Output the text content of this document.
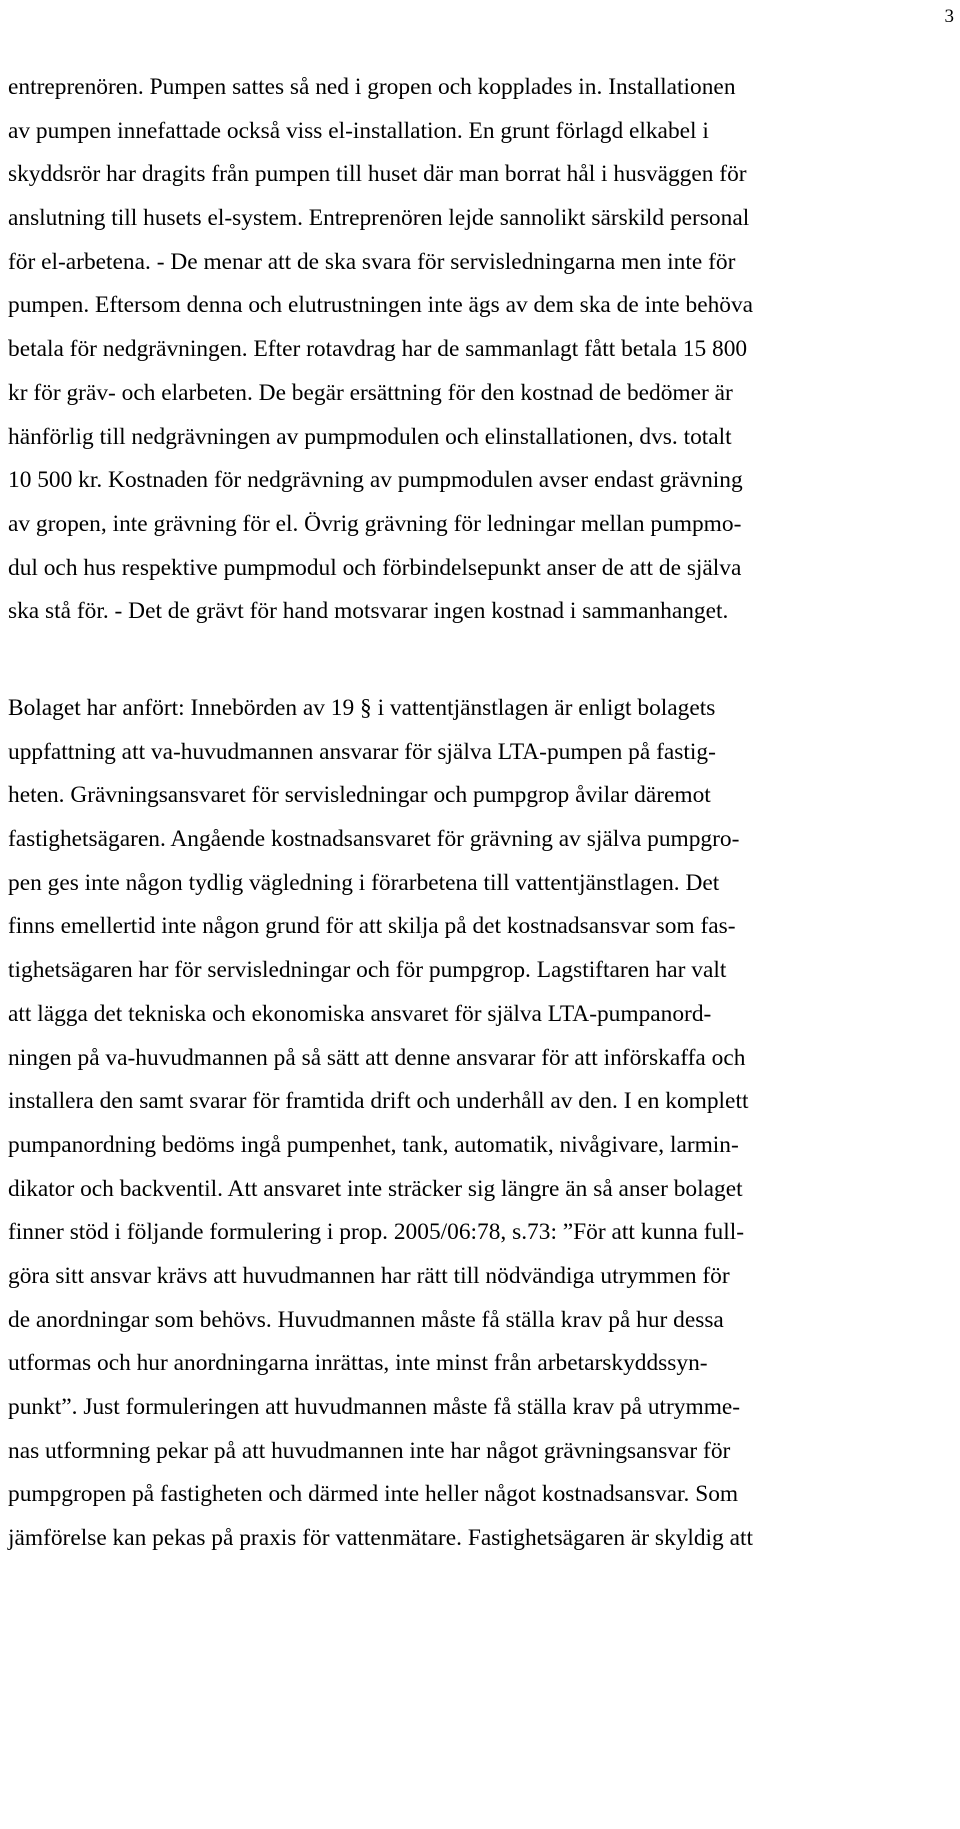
3
entreprenören. Pumpen sattes så ned i gropen och kopplades in. Installationen
av pumpen innefattade också viss el-installation. En grunt förlagd elkabel i
skyddsrör har dragits från pumpen till huset där man borrat hål i husväggen för
anslutning till husets el-system. Entreprenören lejde sannolikt särskild personal
för el-arbetena. - De menar att de ska svara för servisledningarna men inte för
pumpen. Eftersom denna och elutrustningen inte ägs av dem ska de inte behöva
betala för nedgrävningen. Efter rotavdrag har de sammanlagt fått betala 15 800
kr för gräv- och elarbeten. De begär ersättning för den kostnad de bedömer är
hänförlig till nedgrävningen av pumpmodulen och elinstallationen, dvs. totalt
10 500 kr. Kostnaden för nedgrävning av pumpmodulen avser endast grävning
av gropen, inte grävning för el. Övrig grävning för ledningar mellan pumpmo-
dul och hus respektive pumpmodul och förbindelsepunkt anser de att de själva
ska stå för. - Det de grävt för hand motsvarar ingen kostnad i sammanhanget.
Bolaget har anfört: Innebörden av 19 § i vattentjänstlagen är enligt bolagets
uppfattning att va-huvudmannen ansvarar för själva LTA-pumpen på fastig-
heten. Grävningsansvaret för servisledningar och pumpgrop åvilar däremot
fastighetsägaren. Angående kostnadsansvaret för grävning av själva pumpgro-
pen ges inte någon tydlig vägledning i förarbetena till vattentjänstlagen. Det
finns emellertid inte någon grund för att skilja på det kostnadsansvar som fas-
tighetsägaren har för servisledningar och för pumpgrop. Lagstiftaren har valt
att lägga det tekniska och ekonomiska ansvaret för själva LTA-pumpanord-
ningen på va-huvudmannen på så sätt att denne ansvarar för att införskaffa och
installera den samt svarar för framtida drift och underhåll av den. I en komplett
pumpanordning bedöms ingå pumpenhet, tank, automatik, nivågivare, larmin-
dikator och backventil. Att ansvaret inte sträcker sig längre än så anser bolaget
finner stöd i följande formulering i prop. 2005/06:78, s.73: ”För att kunna full-
göra sitt ansvar krävs att huvudmannen har rätt till nödvändiga utrymmen för
de anordningar som behövs. Huvudmannen måste få ställa krav på hur dessa
utformas och hur anordningarna inrättas, inte minst från arbetarskyddssyn-
punkt”. Just formuleringen att huvudmannen måste få ställa krav på utrymme-
nas utformning pekar på att huvudmannen inte har något grävningsansvar för
pumpgropen på fastigheten och därmed inte heller något kostnadsansvar. Som
jämförelse kan pekas på praxis för vattenmätare. Fastighetsägaren är skyldig att
